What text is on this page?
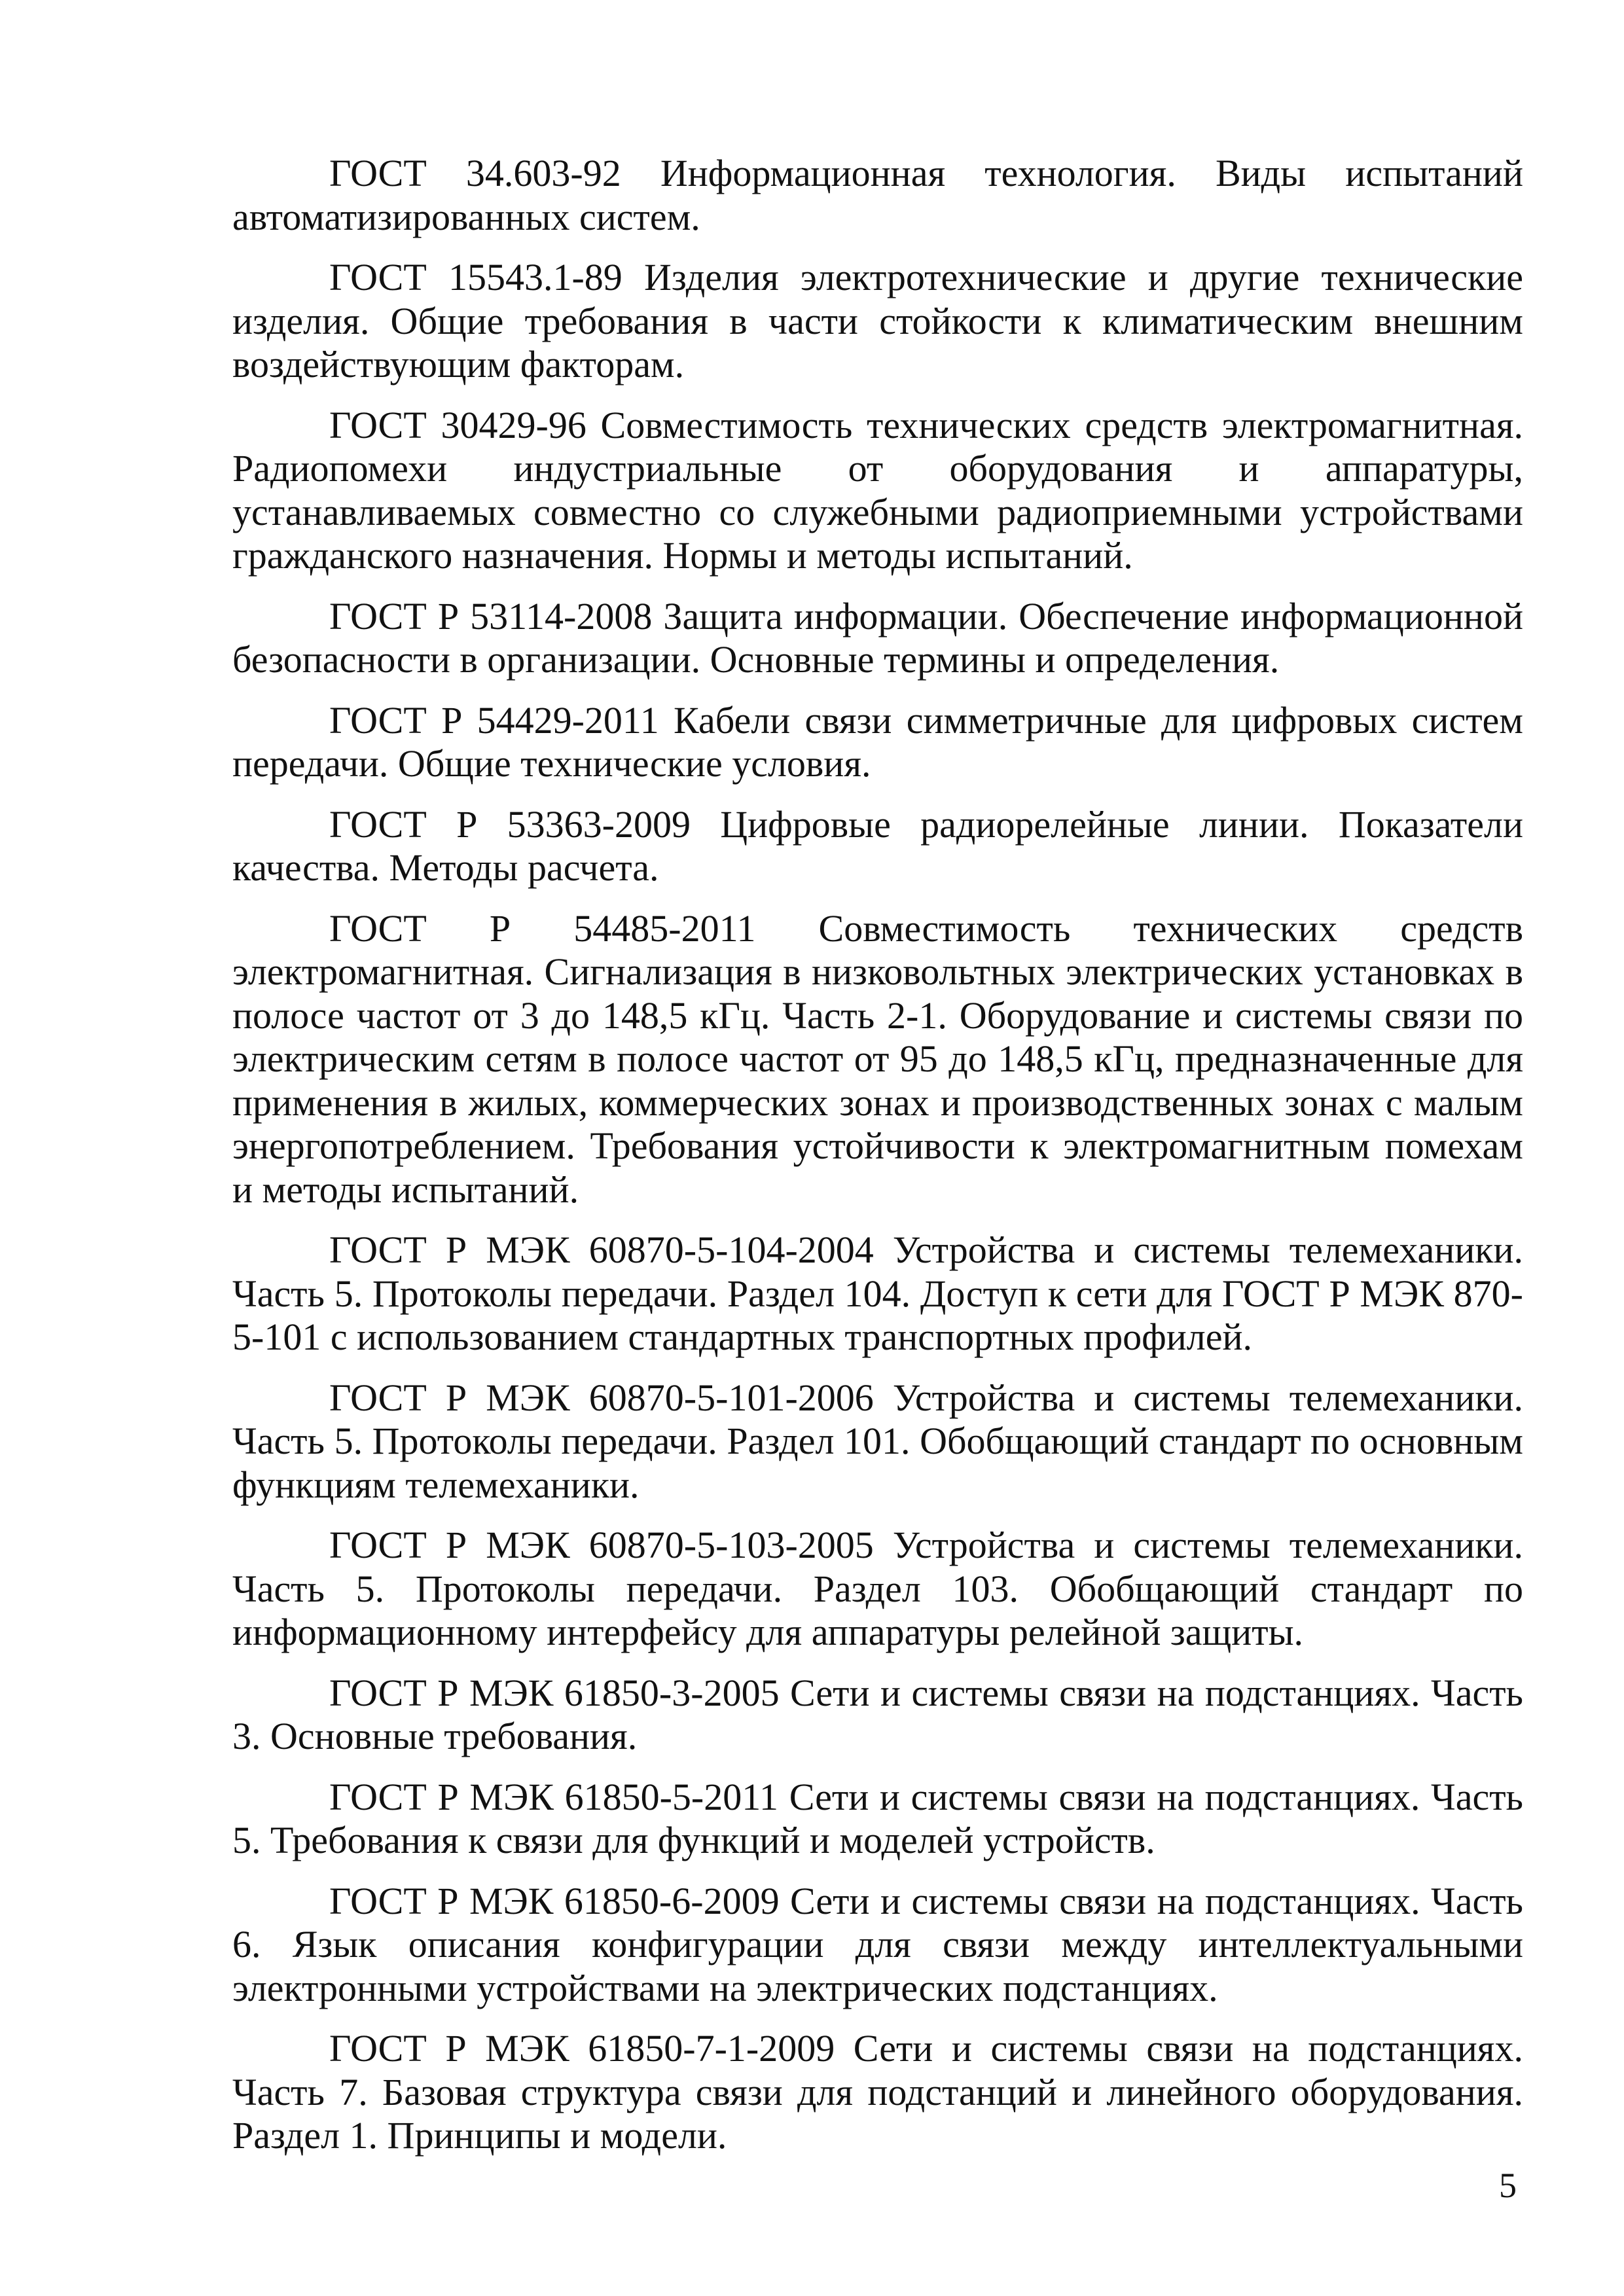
ГОСТ 34.603-92 Информационная технология. Виды испытаний автоматизированных систем.

ГОСТ 15543.1-89 Изделия электротехнические и другие технические изделия. Общие требования в части стойкости к климатическим внешним воздействующим факторам.

ГОСТ 30429-96 Совместимость технических средств электромагнитная. Радиопомехи индустриальные от оборудования и аппаратуры, устанавливаемых совместно со служебными радиоприемными устройствами гражданского назначения. Нормы и методы испытаний.

ГОСТ Р 53114-2008 Защита информации. Обеспечение информационной безопасности в организации. Основные термины и определения.

ГОСТ Р 54429-2011 Кабели связи симметричные для цифровых систем передачи. Общие технические условия.

ГОСТ Р 53363-2009 Цифровые радиорелейные линии. Показатели качества. Методы расчета.

ГОСТ Р 54485-2011 Совместимость технических средств электромагнитная. Сигнализация в низковольтных электрических установках в полосе частот от 3 до 148,5 кГц. Часть 2-1. Оборудование и системы связи по электрическим сетям в полосе частот от 95 до 148,5 кГц, предназначенные для применения в жилых, коммерческих зонах и производственных зонах с малым энергопотреблением. Требования устойчивости к электромагнитным помехам и методы испытаний.

ГОСТ Р МЭК 60870-5-104-2004 Устройства и системы телемеханики. Часть 5. Протоколы передачи. Раздел 104. Доступ к сети для ГОСТ Р МЭК 870-5-101 с использованием стандартных транспортных профилей.

ГОСТ Р МЭК 60870-5-101-2006 Устройства и системы телемеханики. Часть 5. Протоколы передачи. Раздел 101. Обобщающий стандарт по основным функциям телемеханики.

ГОСТ Р МЭК 60870-5-103-2005 Устройства и системы телемеханики. Часть 5. Протоколы передачи. Раздел 103. Обобщающий стандарт по информационному интерфейсу для аппаратуры релейной защиты.

ГОСТ Р МЭК 61850-3-2005 Сети и системы связи на подстанциях. Часть 3. Основные требования.

ГОСТ Р МЭК 61850-5-2011 Сети и системы связи на подстанциях. Часть 5. Требования к связи для функций и моделей устройств.

ГОСТ Р МЭК 61850-6-2009 Сети и системы связи на подстанциях. Часть 6. Язык описания конфигурации для связи между интеллектуальными электронными устройствами на электрических подстанциях.

ГОСТ Р МЭК 61850-7-1-2009 Сети и системы связи на подстанциях. Часть 7. Базовая структура связи для подстанций и линейного оборудования. Раздел 1. Принципы и модели.

5
